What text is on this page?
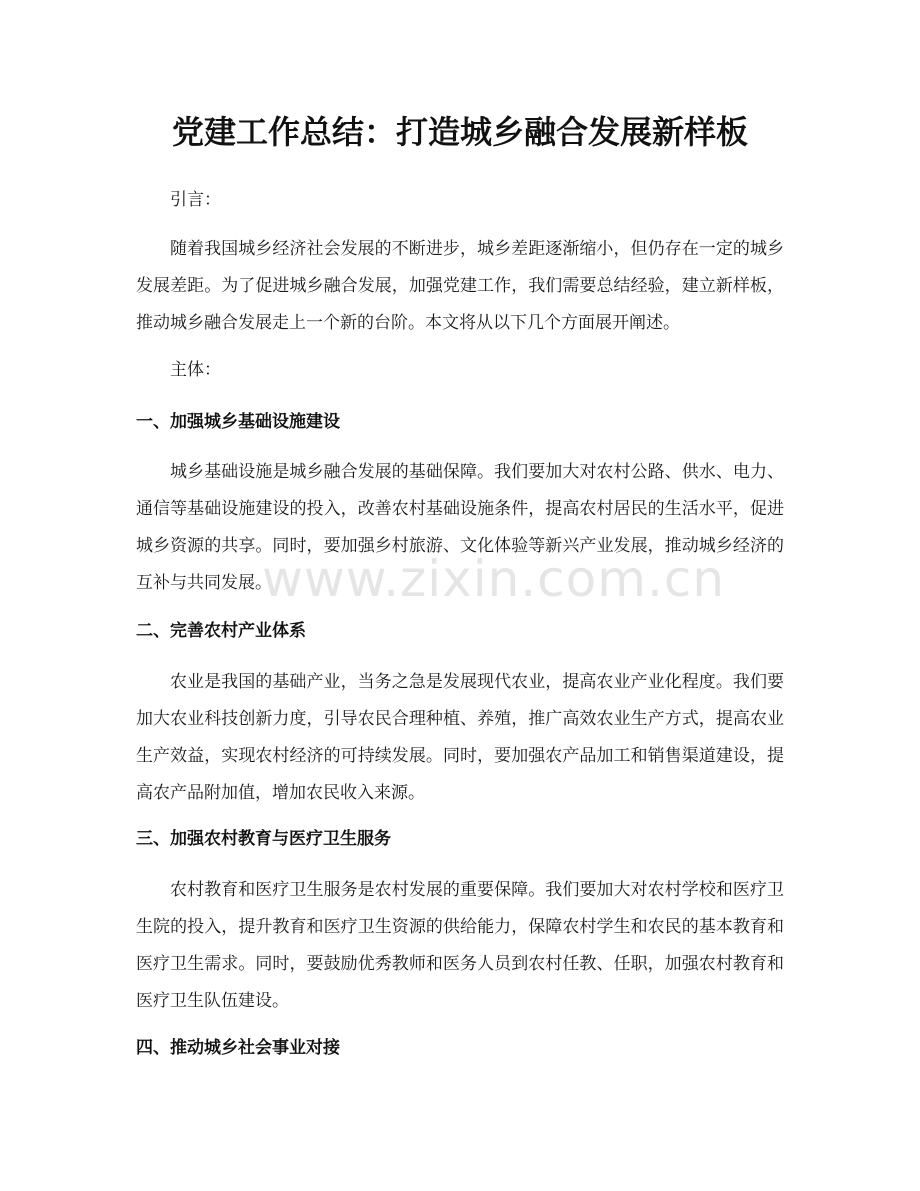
党建工作总结：打造城乡融合发展新样板

引言：

随着我国城乡经济社会发展的不断进步，城乡差距逐渐缩小，但仍存在一定的城乡发展差距。为了促进城乡融合发展，加强党建工作，我们需要总结经验，建立新样板，推动城乡融合发展走上一个新的台阶。本文将从以下几个方面展开阐述。

主体：

一、加强城乡基础设施建设

城乡基础设施是城乡融合发展的基础保障。我们要加大对农村公路、供水、电力、通信等基础设施建设的投入，改善农村基础设施条件，提高农村居民的生活水平，促进城乡资源的共享。同时，要加强乡村旅游、文化体验等新兴产业发展，推动城乡经济的互补与共同发展。

二、完善农村产业体系

农业是我国的基础产业，当务之急是发展现代农业，提高农业产业化程度。我们要加大农业科技创新力度，引导农民合理种植、养殖，推广高效农业生产方式，提高农业生产效益，实现农村经济的可持续发展。同时，要加强农产品加工和销售渠道建设，提高农产品附加值，增加农民收入来源。

三、加强农村教育与医疗卫生服务

农村教育和医疗卫生服务是农村发展的重要保障。我们要加大对农村学校和医疗卫生院的投入，提升教育和医疗卫生资源的供给能力，保障农村学生和农民的基本教育和医疗卫生需求。同时，要鼓励优秀教师和医务人员到农村任教、任职，加强农村教育和医疗卫生队伍建设。

四、推动城乡社会事业对接
www.zixin.com.cn
